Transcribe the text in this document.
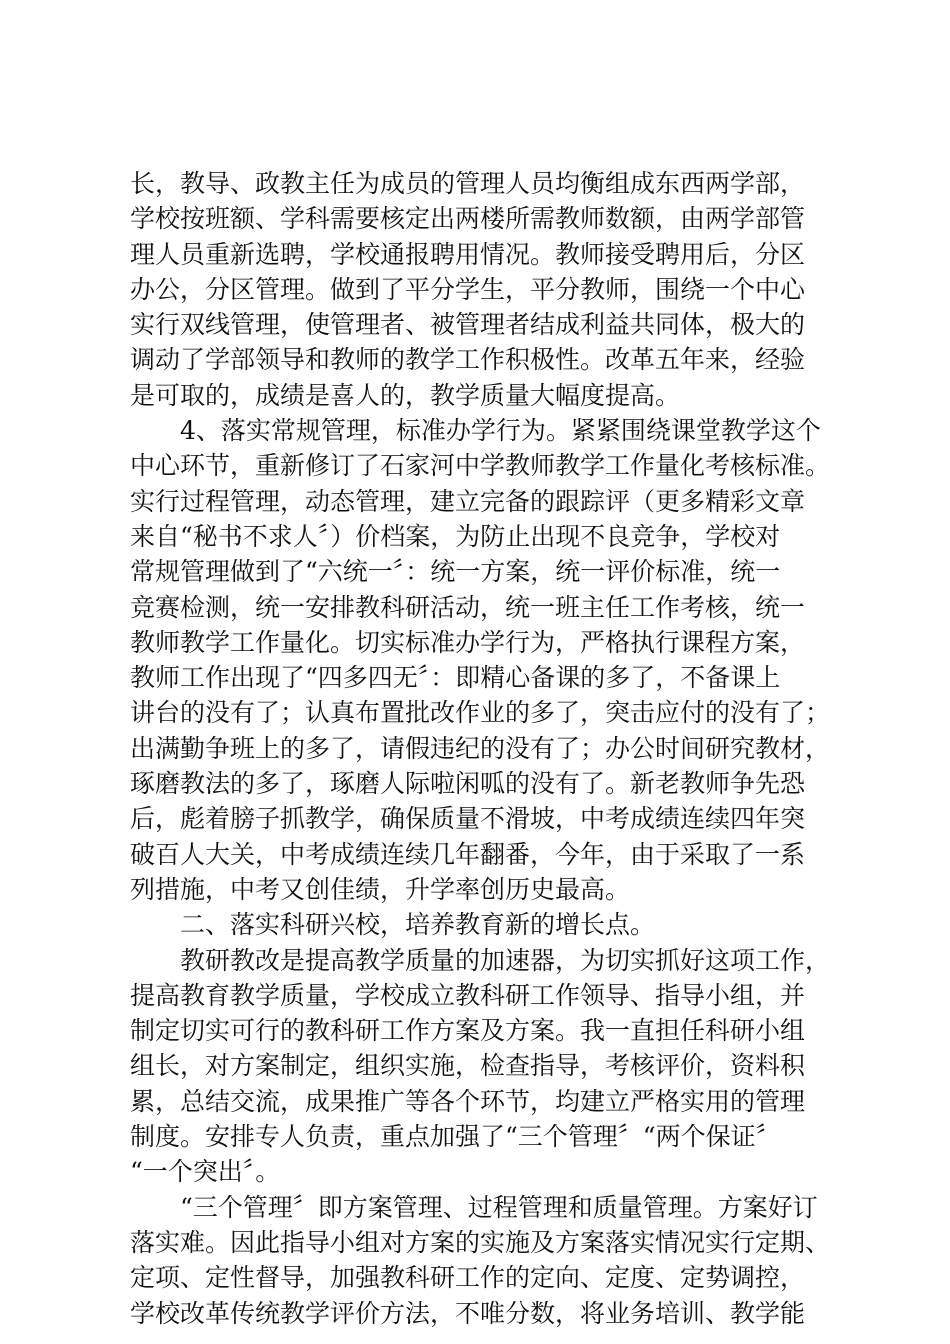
长，教导、政教主任为成员的管理人员均衡组成东西两学部，
学校按班额、学科需要核定出两楼所需教师数额，由两学部管
理人员重新选聘，学校通报聘用情况。教师接受聘用后，分区
办公，分区管理。做到了平分学生，平分教师，围绕一个中心
实行双线管理，使管理者、被管理者结成利益共同体，极大的
调动了学部领导和教师的教学工作积极性。改革五年来，经验
是可取的，成绩是喜人的，教学质量大幅度提高。
4、落实常规管理，标准办学行为。紧紧围绕课堂教学这个
中心环节，重新修订了石家河中学教师教学工作量化考核标准。
实行过程管理，动态管理，建立完备的跟踪评（更多精彩文章
来自“秘书不求人〞）价档案，为防止出现不良竞争，学校对
常规管理做到了“六统一〞：统一方案，统一评价标准，统一
竞赛检测，统一安排教科研活动，统一班主任工作考核，统一
教师教学工作量化。切实标准办学行为，严格执行课程方案，
教师工作出现了“四多四无〞：即精心备课的多了，不备课上
讲台的没有了；认真布置批改作业的多了，突击应付的没有了；
出满勤争班上的多了，请假违纪的没有了；办公时间研究教材，
琢磨教法的多了，琢磨人际啦闲呱的没有了。新老教师争先恐
后，彪着膀子抓教学，确保质量不滑坡，中考成绩连续四年突
破百人大关，中考成绩连续几年翻番，今年，由于采取了一系
列措施，中考又创佳绩，升学率创历史最高。
二、落实科研兴校，培养教育新的增长点。
教研教改是提高教学质量的加速器，为切实抓好这项工作，
提高教育教学质量，学校成立教科研工作领导、指导小组，并
制定切实可行的教科研工作方案及方案。我一直担任科研小组
组长，对方案制定，组织实施，检查指导，考核评价，资料积
累，总结交流，成果推广等各个环节，均建立严格实用的管理
制度。安排专人负责，重点加强了“三个管理〞“两个保证〞
“一个突出〞。
“三个管理〞即方案管理、过程管理和质量管理。方案好订
落实难。因此指导小组对方案的实施及方案落实情况实行定期、
定项、定性督导，加强教科研工作的定向、定度、定势调控，
学校改革传统教学评价方法，不唯分数，将业务培训、教学能
